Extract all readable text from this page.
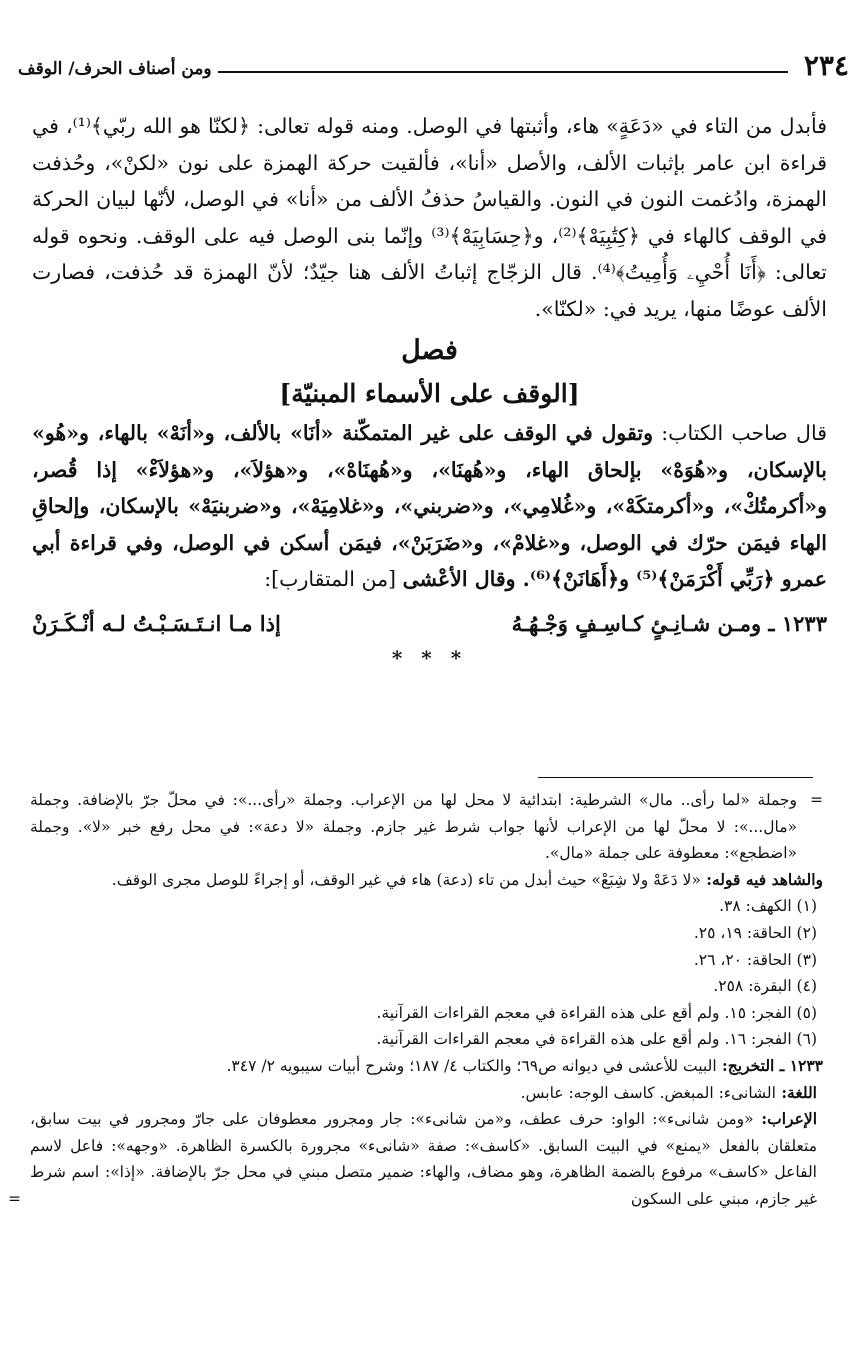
٢٣٤
ومن أصناف الحرف/ الوقف

فأبدل من التاء في «دَعَةٍ» هاء، وأثبتها في الوصل. ومنه قوله تعالى: ﴿لكنّا هو الله ربّي﴾⁽¹⁾، في قراءة ابن عامر بإثبات الألف، والأصل «أنا»، فألقيت حركة الهمزة على نون «لكنْ»، وحُذفت الهمزة، وادُغمت النون في النون. والقياسُ حذفُ الألف من «أنا» في الوصل، لأنّها لبيان الحركة في الوقف كالهاء في ﴿كِتَٰبِيَهْ﴾⁽²⁾، و﴿حِسَابِيَهْ﴾⁽³⁾ وإنّما بنى الوصل فيه على الوقف. ونحوه قوله تعالى: ﴿أَنَا أُحْيِۦ وَأُمِيتُ﴾⁽⁴⁾. قال الزجّاج إثباتُ الألف هنا جيّدٌ؛ لأنّ الهمزة قد حُذفت، فصارت الألف عوضًا منها، يريد في: «لكنّا».

فصل
[الوقف على الأسماء المبنيّة]

قال صاحب الكتاب: وتقول في الوقف على غير المتمكّنة «أنَا» بالألف، و«أنَهْ» بالهاء، و«هُو» بالإسكان، و«هُوَهْ» بإلحاق الهاء، و«هُهنَا»، و«هُهنَاهْ»، و«هؤلاَ»، و«هؤلاَءْ» إذا قُصر، و«أكرمتُكْ»، و«أكرمتكَهْ»، و«غُلامِي»، و«ضربني»، و«غلامِيَهْ»، و«ضربنيَهْ» بالإسكان، وإلحاقِ الهاء فيمَن حرّك في الوصل، و«غلامْ»، و«ضَرَبَنْ»، فيمَن أسكن في الوصل، وفي قراءة أبي عمرو ﴿رَبِّي أَكْرَمَنْ﴾⁽⁵⁾ و﴿أَهَانَنْ﴾⁽⁶⁾. وقال الأعْشى [من المتقارب]:

١٢٣٣ ـ ومـن شـانِـئٍ كـاسِـفٍ وَجْـهُـهُ
إذا مـا انـتَـسَـبْـتُ لـه أنْـكَـرَنْ
* * *

=
وجملة «لما رأى.. مال» الشرطية: ابتدائية لا محل لها من الإعراب. وجملة «رأى...»: في محلّ جرّ بالإضافة. وجملة «مال...»: لا محلّ لها من الإعراب لأنها جواب شرط غير جازم. وجملة «لا دعة»: في محل رفع خبر «لا». وجملة «اضطجع»: معطوفة على جملة «مال».

والشاهد فيه قوله: «لا دَعَهْ ولا شِبَعْ» حيث أبدل من تاء (دعة) هاء في غير الوقف، أو إجراءً للوصل مجرى الوقف.

(١) الكهف: ٣٨.

(٢) الحاقة: ١٩، ٢٥.

(٣) الحاقة: ٢٠، ٢٦.

(٤) البقرة: ٢٥٨.

(٥) الفجر: ١٥. ولم أقع على هذه القراءة في معجم القراءات القرآنية.

(٦) الفجر: ١٦. ولم أقع على هذه القراءة في معجم القراءات القرآنية.

١٢٣٣ ـ التخريج: البيت للأعشى في ديوانه ص٦٩؛ والكتاب ٤/ ١٨٧؛ وشرح أبيات سيبويه ٢/ ٣٤٧.

اللغة: الشانىء: المبغض. كاسف الوجه: عابس.

الإعراب: «ومن شانىء»: الواو: حرف عطف، و«من شانىء»: جار ومجرور معطوفان على جارّ ومجرور في بيت سابق، متعلقان بالفعل «يمنع» في البيت السابق. «كاسف»: صفة «شانىء» مجرورة بالكسرة الظاهرة. «وجهه»: فاعل لاسم الفاعل «كاسف» مرفوع بالضمة الظاهرة، وهو مضاف، والهاء: ضمير متصل مبني في محل جرّ بالإضافة. «إذا»: اسم شرط غير جازم، مبني على السكون
=
